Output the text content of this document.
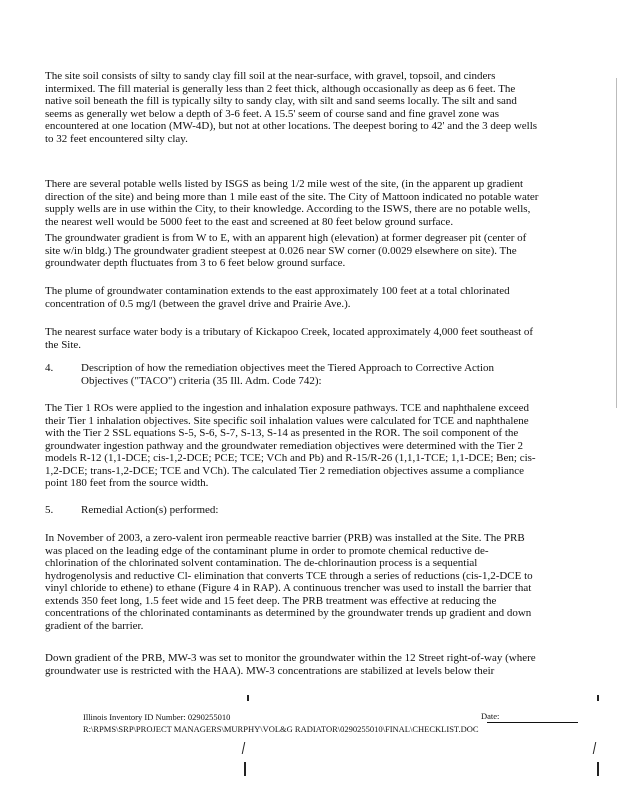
The site soil consists of silty to sandy clay fill soil at the near-surface, with gravel, topsoil, and cinders
intermixed. The fill material is generally less than 2 feet thick, although occasionally as deep as 6 feet. The
native soil beneath the fill is typically silty to sandy clay, with silt and sand seems locally. The silt and sand
seems as generally wet below a depth of 3-6 feet. A 15.5' seem of course sand and fine gravel zone was
encountered at one location (MW-4D), but not at other locations. The deepest boring to 42' and the 3 deep wells
to 32 feet encountered silty clay.
There are several potable wells listed by ISGS as being 1/2 mile west of the site, (in the apparent up gradient
direction of the site) and being more than 1 mile east of the site. The City of Mattoon indicated no potable water
supply wells are in use within the City, to their knowledge. According to the ISWS, there are no potable wells,
the nearest well would be 5000 feet to the east and screened at 80 feet below ground surface.
The groundwater gradient is from W to E, with an apparent high (elevation) at former degreaser pit (center of
site w/in bldg.) The groundwater gradient steepest at 0.026 near SW corner (0.0029 elsewhere on site). The
groundwater depth fluctuates from 3 to 6 feet below ground surface.
The plume of groundwater contamination extends to the east approximately 100 feet at a total chlorinated
concentration of 0.5 mg/l (between the gravel drive and Prairie Ave.).
The nearest surface water body is a tributary of Kickapoo Creek, located approximately 4,000 feet southeast of
the Site.
4.	Description of how the remediation objectives meet the Tiered Approach to Corrective Action
Objectives ("TACO") criteria (35 Ill. Adm. Code 742):
The Tier 1 ROs were applied to the ingestion and inhalation exposure pathways. TCE and naphthalene exceed
their Tier 1 inhalation objectives. Site specific soil inhalation values were calculated for TCE and naphthalene
with the Tier 2 SSL equations S-5, S-6, S-7, S-13, S-14 as presented in the ROR. The soil component of the
groundwater ingestion pathway and the groundwater remediation objectives were determined with the Tier 2
models R-12 (1,1-DCE; cis-1,2-DCE; PCE; TCE; VCh and Pb) and R-15/R-26 (1,1,1-TCE; 1,1-DCE; Ben; cis-
1,2-DCE; trans-1,2-DCE; TCE and VCh). The calculated Tier 2 remediation objectives assume a compliance
point 180 feet from the source width.
5.	Remedial Action(s) performed:
In November of 2003, a zero-valent iron permeable reactive barrier (PRB) was installed at the Site. The PRB
was placed on the leading edge of the contaminant plume in order to promote chemical reductive de-
chlorination of the chlorinated solvent contamination. The de-chlorinaution process is a sequential
hydrogenolysis and reductive Cl- elimination that converts TCE through a series of reductions (cis-1,2-DCE to
vinyl chloride to ethene) to ethane (Figure 4 in RAP). A continuous trencher was used to install the barrier that
extends 350 feet long, 1.5 feet wide and 15 feet deep. The PRB treatment was effective at reducing the
concentrations of the chlorinated contaminants as determined by the groundwater trends up gradient and down
gradient of the barrier.
Down gradient of the PRB, MW-3 was set to monitor the groundwater within the 12 Street right-of-way (where
groundwater use is restricted with the HAA). MW-3 concentrations are stabilized at levels below their
Illinois Inventory ID Number: 0290255010	Date:
R:\RPMS\SRP\PROJECT MANAGERS\MURPHY\VOL&G RADIATOR\0290255010\FINAL\CHECKLIST.DOC
